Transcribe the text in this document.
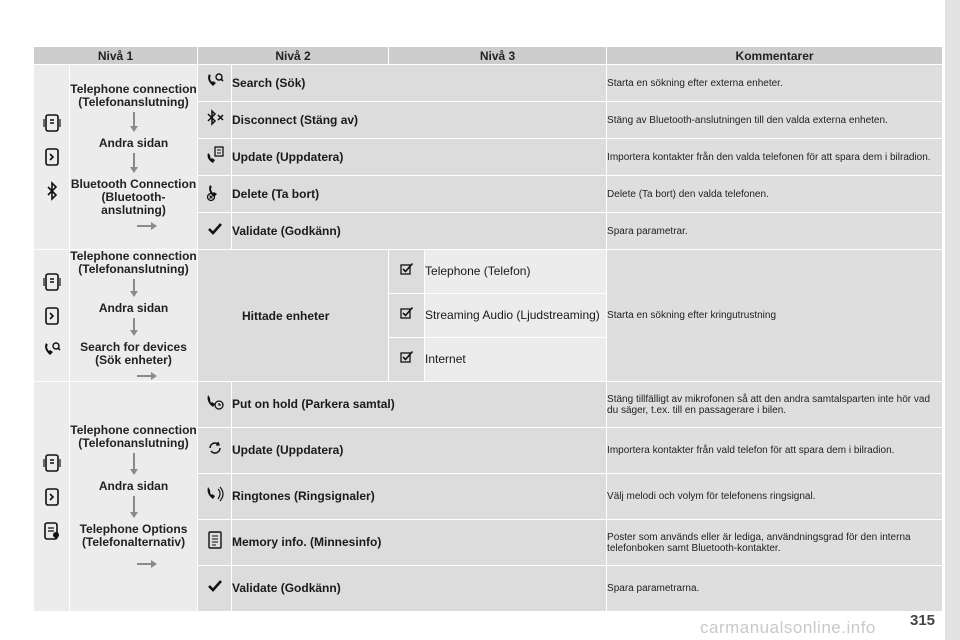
Nivå 1		Nivå 2		Nivå 3		Kommentarer

Telephone connection (Telefonanslutning)
Andra sidan
Bluetooth Connection (Bluetooth-anslutning)		Search (Sök)			Starta en sökning efter externa enheter.
	Disconnect (Stäng av)			Stäng av Bluetooth-anslutningen till den valda externa enheten.
	Update (Uppdatera)			Importera kontakter från den valda telefonen för att spara dem i bilradion.
	Delete (Ta bort)			Delete (Ta bort) den valda telefonen.
	Validate (Godkänn)			Spara parametrar.

Telephone connection (Telefonanslutning)
Andra sidan
Search for devices (Sök enheter)	Hittade enheter			Telephone (Telefon)	Starta en sökning efter kringutrustning
	Streaming Audio (Ljudstreaming)	
	Internet	

Telephone connection (Telefonanslutning)
Andra sidan
Telephone Options (Telefonalternativ)		Put on hold (Parkera samtal)			Stäng tillfälligt av mikrofonen så att den andra samtalsparten inte hör vad du säger, t.ex. till en passagerare i bilen.
	Update (Uppdatera)			Importera kontakter från vald telefon för att spara dem i bilradion.
	Ringtones (Ringsignaler)			Välj melodi och volym för telefonens ringsignal.
	Memory info. (Minnesinfo)			Poster som används eller är lediga, användningsgrad för den interna telefonboken samt Bluetooth-kontakter.
	Validate (Godkänn)			Spara parametrarna.
carmanualsonline.info 315
